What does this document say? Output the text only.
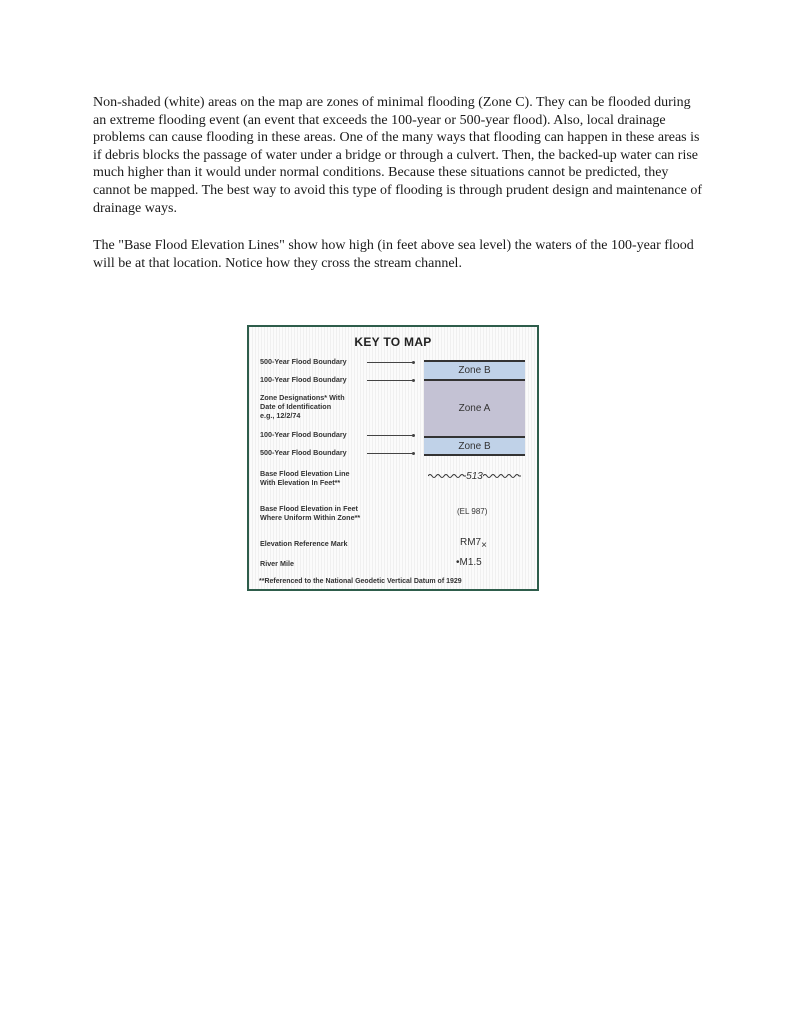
Non-shaded (white) areas on the map are zones of minimal flooding (Zone C). They can be flooded during an extreme flooding event (an event that exceeds the 100-year or 500-year flood). Also, local drainage problems can cause flooding in these areas. One of the many ways that flooding can happen in these areas is if debris blocks the passage of water under a bridge or through a culvert. Then, the backed-up water can rise much higher than it would under normal conditions. Because these situations cannot be predicted, they cannot be mapped. The best way to avoid this type of flooding is through prudent design and maintenance of drainage ways.

The "Base Flood Elevation Lines" show how high (in feet above sea level) the waters of the 100-year flood will be at that location. Notice how they cross the stream channel.

KEY TO MAP
500-Year Flood Boundary
100-Year Flood Boundary
Zone Designations* With
Date of Identification
e.g., 12/2/74
100-Year Flood Boundary
500-Year Flood Boundary
Zone B
Zone A
Zone B
Base Flood Elevation Line
With Elevation In Feet**
513
Base Flood Elevation in Feet
Where Uniform Within Zone**
(EL 987)
Elevation Reference Mark	RM7×
River Mile	•M1.5
**Referenced to the National Geodetic Vertical Datum of 1929
